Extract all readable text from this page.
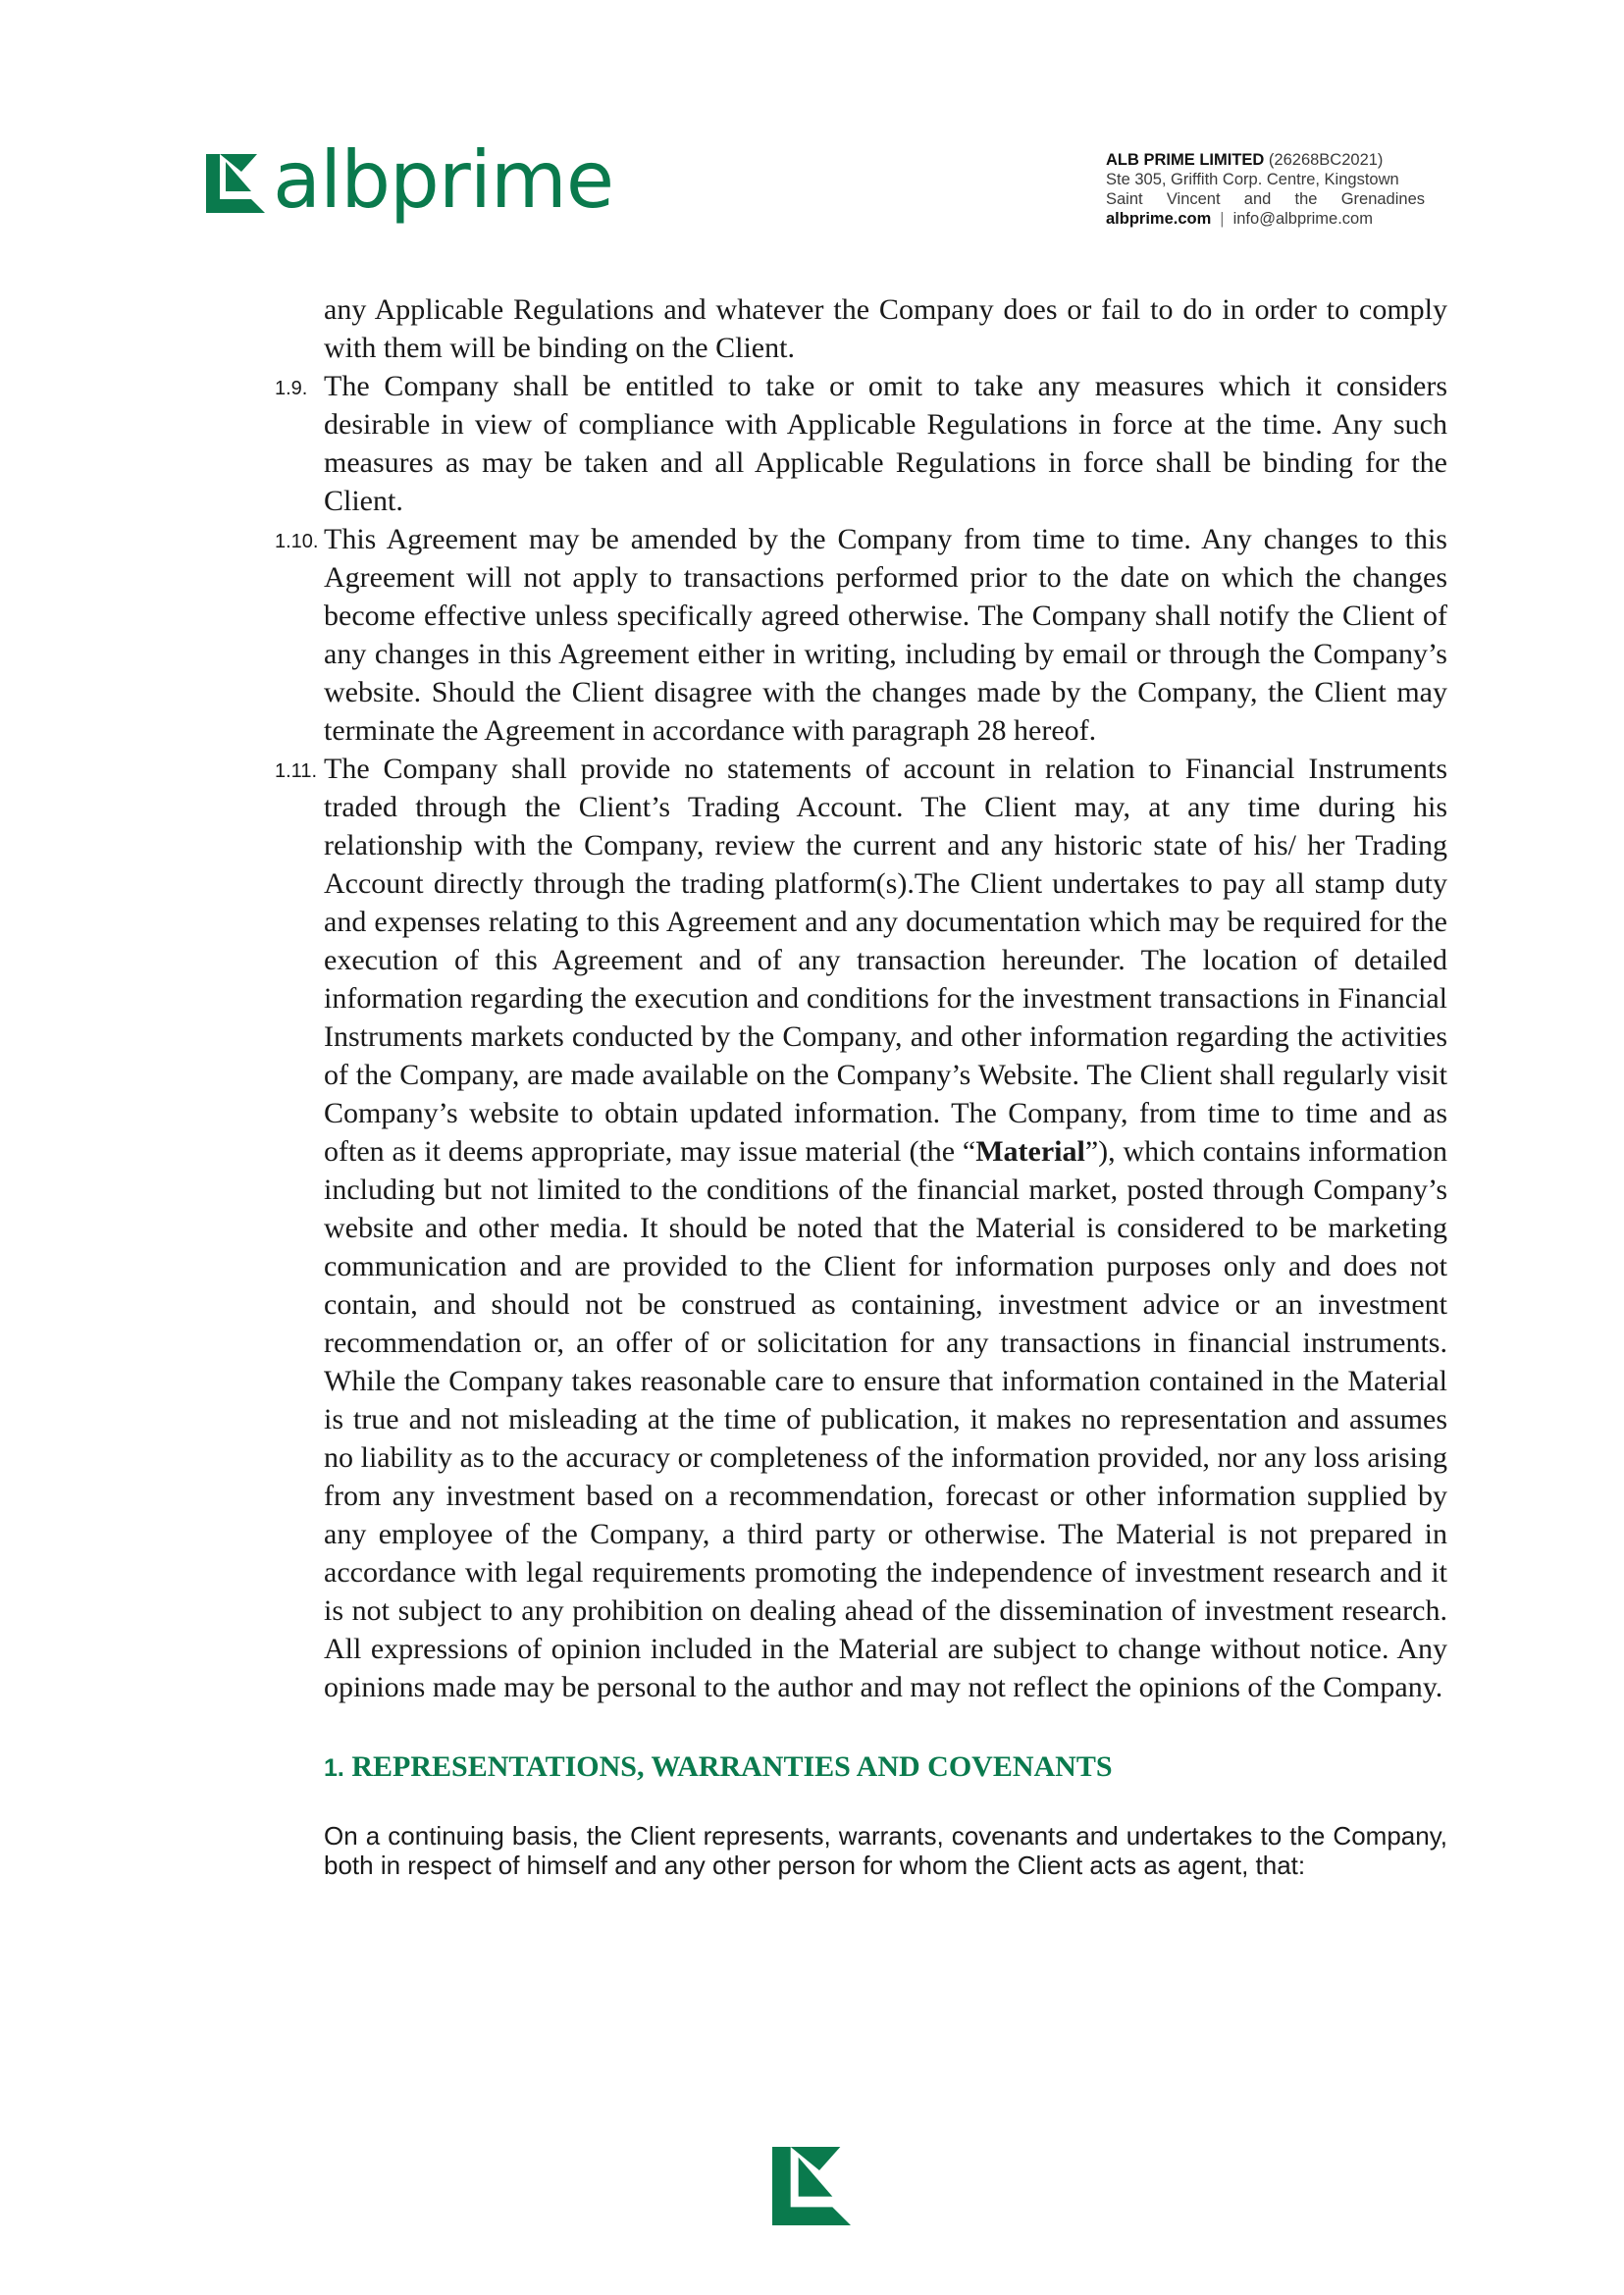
albprime	ALB PRIME LIMITED (26268BC2021)
Ste 305, Griffith Corp. Centre, Kingstown
Saint Vincent and the Grenadines
albprime.com | info@albprime.com
any Applicable Regulations and whatever the Company does or fail to do in order to comply with them will be binding on the Client.
1.9. The Company shall be entitled to take or omit to take any measures which it considers desirable in view of compliance with Applicable Regulations in force at the time. Any such measures as may be taken and all Applicable Regulations in force shall be binding for the Client.
1.10. This Agreement may be amended by the Company from time to time. Any changes to this Agreement will not apply to transactions performed prior to the date on which the changes become effective unless specifically agreed otherwise. The Company shall notify the Client of any changes in this Agreement either in writing, including by email or through the Company’s website. Should the Client disagree with the changes made by the Company, the Client may terminate the Agreement in accordance with paragraph 28 hereof.
1.11. The Company shall provide no statements of account in relation to Financial Instruments traded through the Client’s Trading Account. The Client may, at any time during his relationship with the Company, review the current and any historic state of his/ her Trading Account directly through the trading platform(s).The Client undertakes to pay all stamp duty and expenses relating to this Agreement and any documentation which may be required for the execution of this Agreement and of any transaction hereunder. The location of detailed information regarding the execution and conditions for the investment transactions in Financial Instruments markets conducted by the Company, and other information regarding the activities of the Company, are made available on the Company’s Website. The Client shall regularly visit Company’s website to obtain updated information. The Company, from time to time and as often as it deems appropriate, may issue material (the “Material”), which contains information including but not limited to the conditions of the financial market, posted through Company’s website and other media. It should be noted that the Material is considered to be marketing communication and are provided to the Client for information purposes only and does not contain, and should not be construed as containing, investment advice or an investment recommendation or, an offer of or solicitation for any transactions in financial instruments. While the Company takes reasonable care to ensure that information contained in the Material is true and not misleading at the time of publication, it makes no representation and assumes no liability as to the accuracy or completeness of the information provided, nor any loss arising from any investment based on a recommendation, forecast or other information supplied by any employee of the Company, a third party or otherwise. The Material is not prepared in accordance with legal requirements promoting the independence of investment research and it is not subject to any prohibition on dealing ahead of the dissemination of investment research. All expressions of opinion included in the Material are subject to change without notice. Any opinions made may be personal to the author and may not reflect the opinions of the Company.
1. REPRESENTATIONS, WARRANTIES AND COVENANTS
On a continuing basis, the Client represents, warrants, covenants and undertakes to the Company, both in respect of himself and any other person for whom the Client acts as agent, that:
